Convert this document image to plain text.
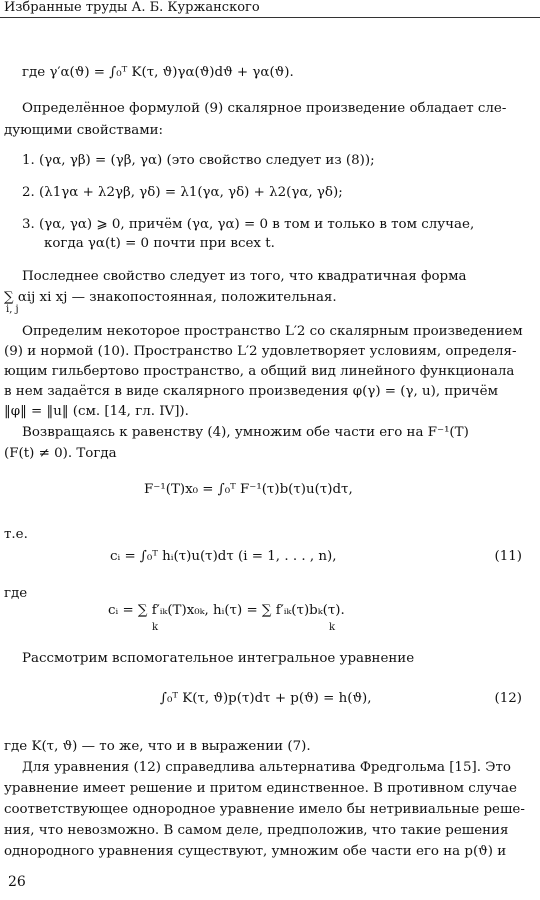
Избранные труды А. Б. Куржанского
где γ′α(ϑ) = ∫₀ᵀ K(τ, ϑ)γα(ϑ)dϑ + γα(ϑ).
Определённое формулой (9) скалярное произведение обладает сле-
дующими свойствами:
1. (γα, γβ) = (γβ, γα) (это свойство следует из (8));
2. (λ1γα + λ2γβ, γδ) = λ1(γα, γδ) + λ2(γα, γδ);
3. (γα, γα) ⩾ 0, причём (γα, γα) = 0 в том и только в том случае,
когда γα(t) = 0 почти при всех t.
Последнее свойство следует из того, что квадратичная форма
∑ αij xi xj — знакопостоянная, положительная.
i, j
Определим некоторое пространство L′2 со скалярным произведением
(9) и нормой (10). Пространство L′2 удовлетворяет условиям, определя-
ющим гильбертово пространство, а общий вид линейного функционала
в нем задаётся в виде скалярного произведения φ(γ) = (γ, u), причём
‖φ‖ = ‖u‖ (см. [14, гл. IV]).
Возвращаясь к равенству (4), умножим обе части его на F⁻¹(T)
(F(t) ≠ 0). Тогда
F⁻¹(T)x₀ = ∫₀ᵀ F⁻¹(τ)b(τ)u(τ)dτ,
т.е.
cᵢ = ∫₀ᵀ hᵢ(τ)u(τ)dτ (i = 1, . . . , n),	(11)
где
cᵢ = ∑ f′ᵢₖ(T)x₀ₖ, hᵢ(τ) = ∑ f′ᵢₖ(τ)bₖ(τ).
k	k
Рассмотрим вспомогательное интегральное уравнение
∫₀ᵀ K(τ, ϑ)p(τ)dτ + p(ϑ) = h(ϑ),	(12)
где K(τ, ϑ) — то же, что и в выражении (7).
Для уравнения (12) справедлива альтернатива Фредгольма [15]. Это
уравнение имеет решение и притом единственное. В противном случае
соответствующее однородное уравнение имело бы нетривиальные реше-
ния, что невозможно. В самом деле, предположив, что такие решения
однородного уравнения существуют, умножим обе части его на p(ϑ) и
26
